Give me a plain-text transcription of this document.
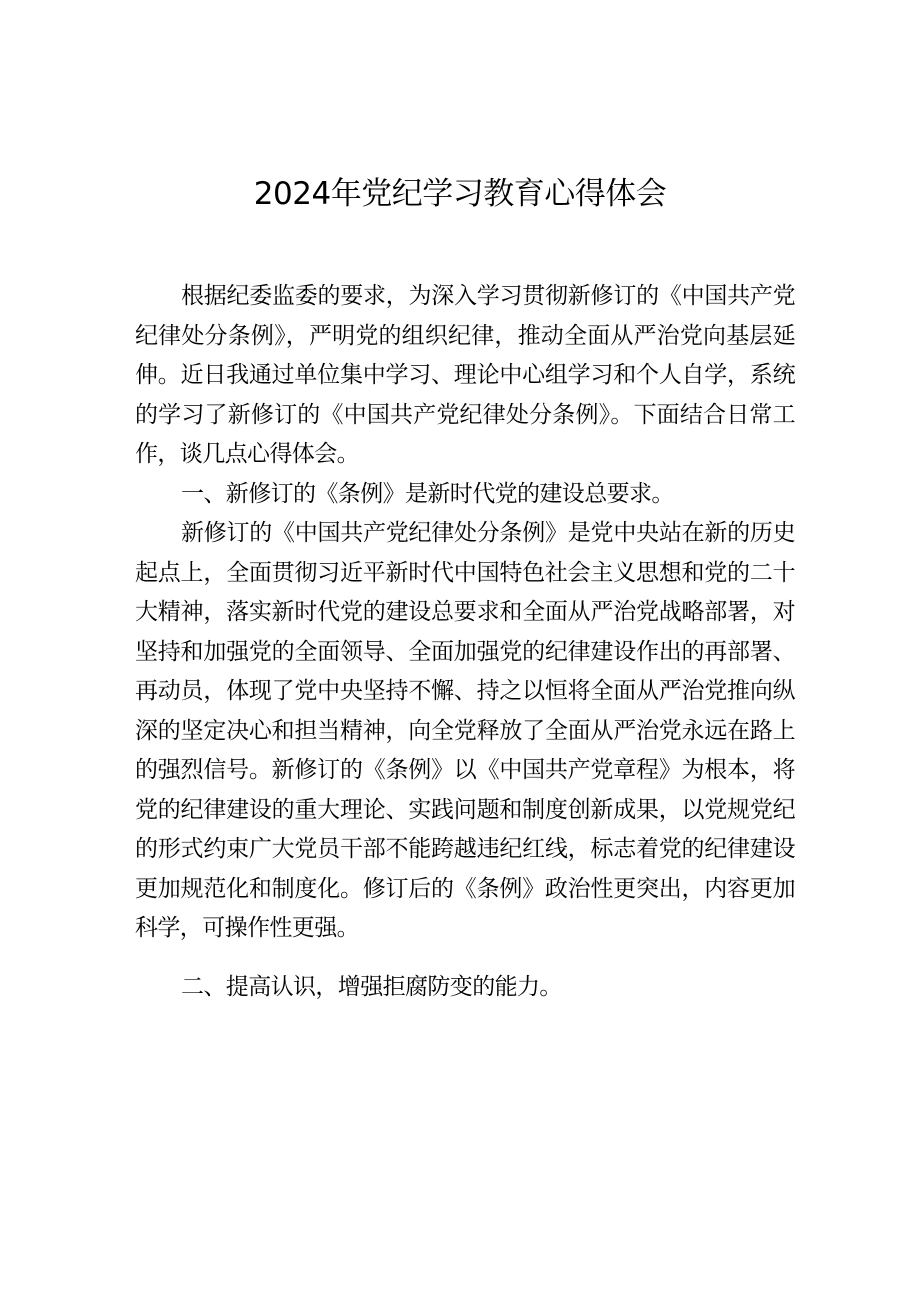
2024年党纪学习教育心得体会

根据纪委监委的要求，为深入学习贯彻新修订的《中国共产党纪律处分条例》，严明党的组织纪律，推动全面从严治党向基层延伸。近日我通过单位集中学习、理论中心组学习和个人自学，系统的学习了新修订的《中国共产党纪律处分条例》。下面结合日常工作，谈几点心得体会。

一、新修订的《条例》是新时代党的建设总要求。

新修订的《中国共产党纪律处分条例》是党中央站在新的历史起点上，全面贯彻习近平新时代中国特色社会主义思想和党的二十大精神，落实新时代党的建设总要求和全面从严治党战略部署，对坚持和加强党的全面领导、全面加强党的纪律建设作出的再部署、再动员，体现了党中央坚持不懈、持之以恒将全面从严治党推向纵深的坚定决心和担当精神，向全党释放了全面从严治党永远在路上的强烈信号。新修订的《条例》以《中国共产党章程》为根本，将党的纪律建设的重大理论、实践问题和制度创新成果，以党规党纪的形式约束广大党员干部不能跨越违纪红线，标志着党的纪律建设更加规范化和制度化。修订后的《条例》政治性更突出，内容更加科学，可操作性更强。

二、提高认识，增强拒腐防变的能力。
